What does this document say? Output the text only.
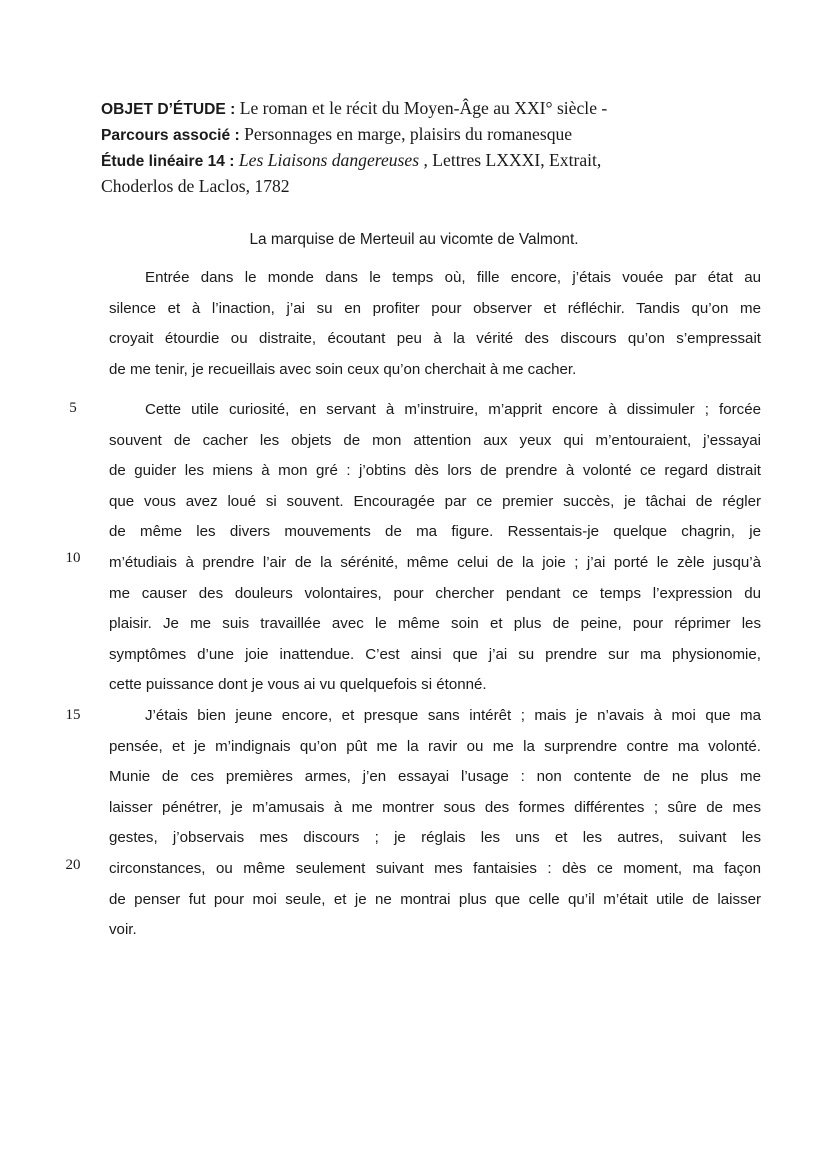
OBJET D’ÉTUDE : Le roman et le récit du Moyen-Âge au XXI° siècle -
Parcours associé : Personnages en marge, plaisirs du romanesque
Étude linéaire 14 : Les Liaisons dangereuses , Lettres LXXXI, Extrait,
Choderlos de Laclos, 1782
La marquise de Merteuil au vicomte de Valmont.
Entrée dans le monde dans le temps où, fille encore, j’étais vouée par état au
silence et à l’inaction, j’ai su en profiter pour observer et réfléchir. Tandis qu’on me
croyait étourdie ou distraite, écoutant peu à la vérité des discours qu’on s’empressait
de me tenir, je recueillais avec soin ceux qu’on cherchait à me cacher.
Cette utile curiosité, en servant à m’instruire, m’apprit encore à dissimuler ; forcée
souvent de cacher les objets de mon attention aux yeux qui m’entouraient, j’essayai
de guider les miens à mon gré : j’obtins dès lors de prendre à volonté ce regard distrait
que vous avez loué si souvent. Encouragée par ce premier succès, je tâchai de régler
de même les divers mouvements de ma figure. Ressentais-je quelque chagrin, je
m’étudiais à prendre l’air de la sérénité, même celui de la joie ; j’ai porté le zèle jusqu’à
me causer des douleurs volontaires, pour chercher pendant ce temps l’expression du
plaisir. Je me suis travaillée avec le même soin et plus de peine, pour réprimer les
symptômes d’une joie inattendue. C’est ainsi que j’ai su prendre sur ma physionomie,
cette puissance dont je vous ai vu quelquefois si étonné.
J’étais bien jeune encore, et presque sans intérêt ; mais je n’avais à moi que ma
pensée, et je m’indignais qu’on pût me la ravir ou me la surprendre contre ma volonté.
Munie de ces premières armes, j’en essayai l’usage : non contente de ne plus me
laisser pénétrer, je m’amusais à me montrer sous des formes différentes ; sûre de mes
gestes, j’observais mes discours ; je réglais les uns et les autres, suivant les
circonstances, ou même seulement suivant mes fantaisies : dès ce moment, ma façon
de penser fut pour moi seule, et je ne montrai plus que celle qu’il m’était utile de laisser
voir.
5
10
15
20
